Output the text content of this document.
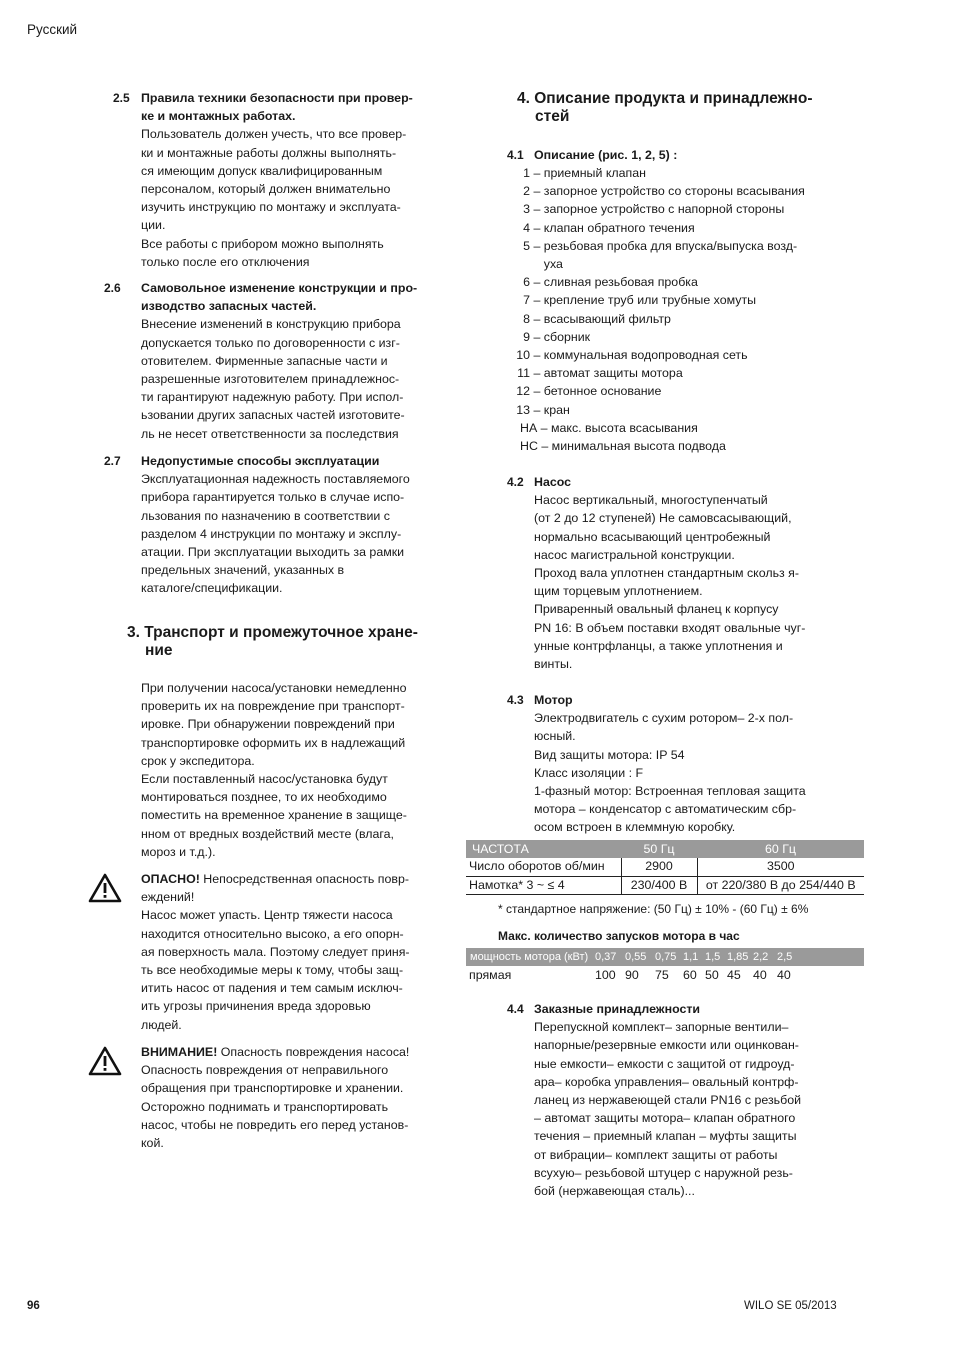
Русский
2.5 Правила техники безопасности при провер-
ке и монтажных работах.
Пользователь должен учесть, что все провер-
ки и монтажные работы должны выполнять-
ся имеющим допуск квалифицированным
персоналом, который должен внимательно
изучить инструкцию по монтажу и эксплуата-
ции.
Все работы с прибором можно выполнять
только после его отключения
2.6 Самовольное изменение конструкции и про-
изводство запасных частей.
Внесение изменений в конструкцию прибора
допускается только по договоренности с изг-
отовителем. Фирменные запасные части и
разрешенные изготовителем принадлежнос-
ти гарантируют надежную работу. При испол-
ьзовании других запасных частей изготовите-
ль не несет ответственности за последствия
2.7 Недопустимые способы эксплуатации
Эксплуатационная надежность поставляемого
прибора гарантируется только в случае испо-
льзования по назначению в соответствии с
разделом 4 инструкции по монтажу и эксплу-
атации. При эксплуатации выходить за рамки
предельных значений, указанных в
каталоге/спецификации.
3. Транспорт и промежуточное хране-
ние
При получении насоса/установки немедленно
проверить их на повреждение при транспорт-
ировке. При обнаружении повреждений при
транспортировке оформить их в надлежащий
срок у экспедитора.
Если поставленный насос/установка будут
монтироваться позднее, то их необходимо
поместить на временное хранение в защище-
нном от вредных воздействий месте (влага,
мороз и т.д.).
ОПАСНО! Непосредственная опасность повр-
еждений!
Насос может упасть. Центр тяжести насоса
находится относительно высоко, а его опорн-
ая поверхность мала. Поэтому следует приня-
ть все необходимые меры к тому, чтобы защ-
итить насос от падения и тем самым исключ-
ить угрозы причинения вреда здоровью
людей.
ВНИМАНИЕ! Опасность повреждения насоса!
Опасность повреждения от неправильного
обращения при транспортировке и хранении.
Осторожно поднимать и транспортировать
насос, чтобы не повредить его перед установ-
кой.
4. Описание продукта и принадлежно-
стей
4.1 Описание (рис. 1, 2, 5) :
1 – приемный клапан
2 – запорное устройство со стороны всасывания
3 – запорное устройство с напорной стороны
4 – клапан обратного течения
5 – резьбовая пробка для впуска/выпуска возд-
уха
6 – сливная резьбовая пробка
7 – крепление труб или трубные хомуты
8 – всасывающий фильтр
9 – сборник
10 – коммунальная водопроводная сеть
11 – автомат защиты мотора
12 – бетонное основание
13 – кран
НА – макс. высота всасывания
НС – минимальная высота подвода
4.2 Насос
Насос вертикальный, многоступенчатый
(от 2 до 12 ступеней) Не самовсасывающий,
нормально всасывающий центробежный
насос магистральной конструкции.
Проход вала уплотнен стандартным скольз я-
щим торцевым уплотнением.
Приваренный овальный фланец к корпусу
PN 16: В объем поставки входят овальные чуг-
унные контрфланцы, а также уплотнения и
винты.
4.3 Мотор
Электродвигатель с сухим ротором– 2-х пол-
юсный.
Вид защиты мотора: IP 54
Класс изоляции : F
1-фазный мотор: Встроенная тепловая защита
мотора – конденсатор с автоматическим сбр-
осом встроен в клеммную коробку.
ЧАСТОТА	50 Гц	60 Гц
Число оборотов об/мин	2900	3500
Намотка* 3 ~ ≤ 4	230/400 В	от 220/380 В до 254/440 В
* стандартное напряжение: (50 Гц) ± 10% - (60 Гц) ± 6%
Макс. количество запусков мотора в час
мощность мотора (кВт)	0,37	0,55	0,75	1,1	1,5	1,85	2,2	2,5
прямая	100	90	75	60	50	45	40	40
4.4 Заказные принадлежности
Перепускной комплект– запорные вентили–
напорные/резервные емкости или оцинкован-
ные емкости– емкости с защитой от гидроуд-
ара– коробка управления– овальный контрф-
ланец из нержавеющей стали PN16 с резьбой
– автомат защиты мотора– клапан обратного
течения – приемный клапан – муфты защиты
от вибрации– комплект защиты от работы
всухую– резьбовой штуцер с наружной резь-
бой (нержавеющая сталь)...
96	WILO SE 05/2013
